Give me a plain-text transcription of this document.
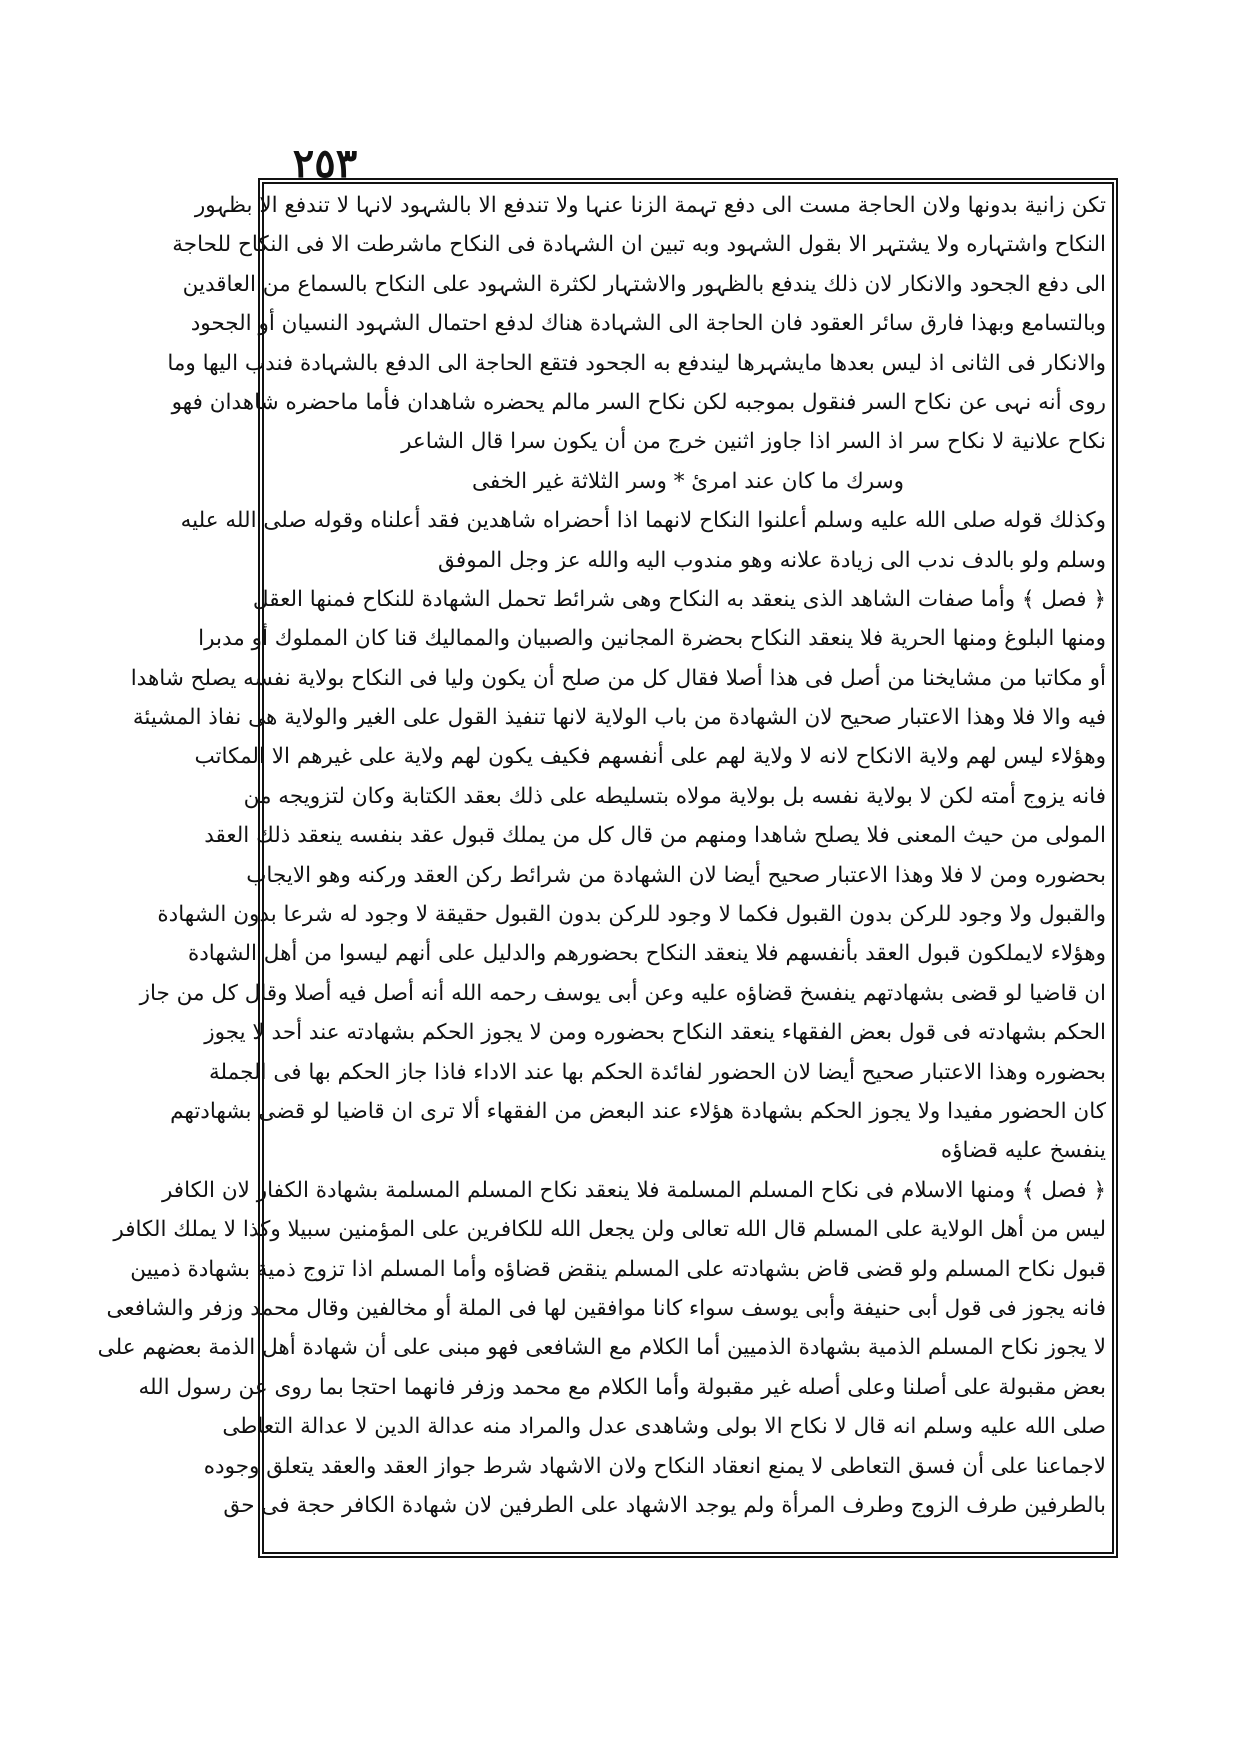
٢٥٣
تکن زانیة بدونها ولان الحاجة مست الی دفع تہمة الزنا عنہا ولا تندفع الا بالشہود لانہا لا تندفع الا بظہور
النکاح واشتہاره ولا یشتہر الا بقول الشہود وبه تبین ان الشہادة فی النکاح ماشرطت الا فی النکاح للحاجة
الی دفع الجحود والانکار لان ذلك یندفع بالظہور والاشتہار لکثرة الشہود علی النکاح بالسماع من العاقدین
وبالتسامع وبهذا فارق سائر العقود فان الحاجة الی الشہادة هناك لدفع احتمال الشہود النسیان أو الجحود
والانکار فی الثانی اذ لیس بعدها مایشہرها لیندفع به الجحود فتقع الحاجة الی الدفع بالشہادة فندب الیها وما
روی أنه نہی عن نکاح السر فنقول بموجبه لکن نکاح السر مالم یحضره شاهدان فأما ماحضره شاهدان فهو
نکاح علانیة لا نکاح سر اذ السر اذا جاوز اثنین خرج من أن یکون سرا قال الشاعر
وسرك ما كان عند امرئ * وسر الثلاثة غیر الخفی
وکذلك قوله صلی الله علیه وسلم أعلنوا النکاح لانهما اذا أحضراه شاهدین فقد أعلناه وقوله صلی الله علیه
وسلم ولو بالدف ندب الی زیادة علانه وهو مندوب الیه والله عز وجل الموفق
﴿ فصل ﴾ وأما صفات الشاهد الذی ینعقد به النکاح وهی شرائط تحمل الشهادة للنکاح فمنها العقل
ومنها البلوغ ومنها الحریة فلا ینعقد النکاح بحضرة المجانین والصبیان والممالیك قنا کان المملوك أو مدبرا
أو مکاتبا من مشایخنا من أصل فی هذا أصلا فقال کل من صلح أن یکون ولیا فی النکاح بولایة نفسه یصلح شاهدا
فیه والا فلا وهذا الاعتبار صحیح لان الشهادة من باب الولایة لانها تنفیذ القول علی الغیر والولایة هی نفاذ المشیئة
وهؤلاء لیس لهم ولایة الانکاح لانه لا ولایة لهم علی أنفسهم فکیف یکون لهم ولایة علی غیرهم الا المکاتب
فانه یزوج أمته لکن لا بولایة نفسه بل بولایة مولاه بتسلیطه علی ذلك بعقد الکتابة وکان لتزویجه من
المولی من حیث المعنی فلا یصلح شاهدا ومنهم من قال کل من یملك قبول عقد بنفسه ینعقد ذلك العقد
بحضوره ومن لا فلا وهذا الاعتبار صحیح أیضا لان الشهادة من شرائط رکن العقد ورکنه وهو الایجاب
والقبول ولا وجود للرکن بدون القبول فکما لا وجود للرکن بدون القبول حقیقة لا وجود له شرعا بدون الشهادة
وهؤلاء لایملکون قبول العقد بأنفسهم فلا ینعقد النکاح بحضورهم والدلیل علی أنهم لیسوا من أهل الشهادة
ان قاضیا لو قضی بشهادتهم ینفسخ قضاؤه علیه وعن أبی یوسف رحمه الله أنه أصل فیه أصلا وقال کل من جاز
الحکم بشهادته فی قول بعض الفقهاء ینعقد النکاح بحضوره ومن لا یجوز الحکم بشهادته عند أحد لا یجوز
بحضوره وهذا الاعتبار صحیح أیضا لان الحضور لفائدة الحکم بها عند الاداء فاذا جاز الحکم بها فی الجملة
کان الحضور مفیدا ولا یجوز الحکم بشهادة هؤلاء عند البعض من الفقهاء ألا تری ان قاضیا لو قضی بشهادتهم
ینفسخ علیه قضاؤه
﴿ فصل ﴾ ومنها الاسلام فی نکاح المسلم المسلمة فلا ینعقد نکاح المسلم المسلمة بشهادة الکفار لان الکافر
لیس من أهل الولایة علی المسلم قال الله تعالی ولن یجعل الله للکافرین علی المؤمنین سبیلا وکذا لا یملك الکافر
قبول نکاح المسلم ولو قضی قاض بشهادته علی المسلم ینقض قضاؤه وأما المسلم اذا تزوج ذمیة بشهادة ذمیین
فانه یجوز فی قول أبی حنیفة وأبی یوسف سواء کانا موافقین لها فی الملة أو مخالفین وقال محمد وزفر والشافعی
لا یجوز نکاح المسلم الذمیة بشهادة الذمیین أما الکلام مع الشافعی فهو مبنی علی أن شهادة أهل الذمة بعضهم علی
بعض مقبولة علی أصلنا وعلی أصله غیر مقبولة وأما الکلام مع محمد وزفر فانهما احتجا بما روی عن رسول الله
صلی الله علیه وسلم انه قال لا نکاح الا بولی وشاهدی عدل والمراد منه عدالة الدین لا عدالة التعاطی
لاجماعنا علی أن فسق التعاطی لا یمنع انعقاد النکاح ولان الاشهاد شرط جواز العقد والعقد یتعلق وجوده
بالطرفین طرف الزوج وطرف المرأة ولم یوجد الاشهاد علی الطرفین لان شهادة الکافر حجة فی حق
